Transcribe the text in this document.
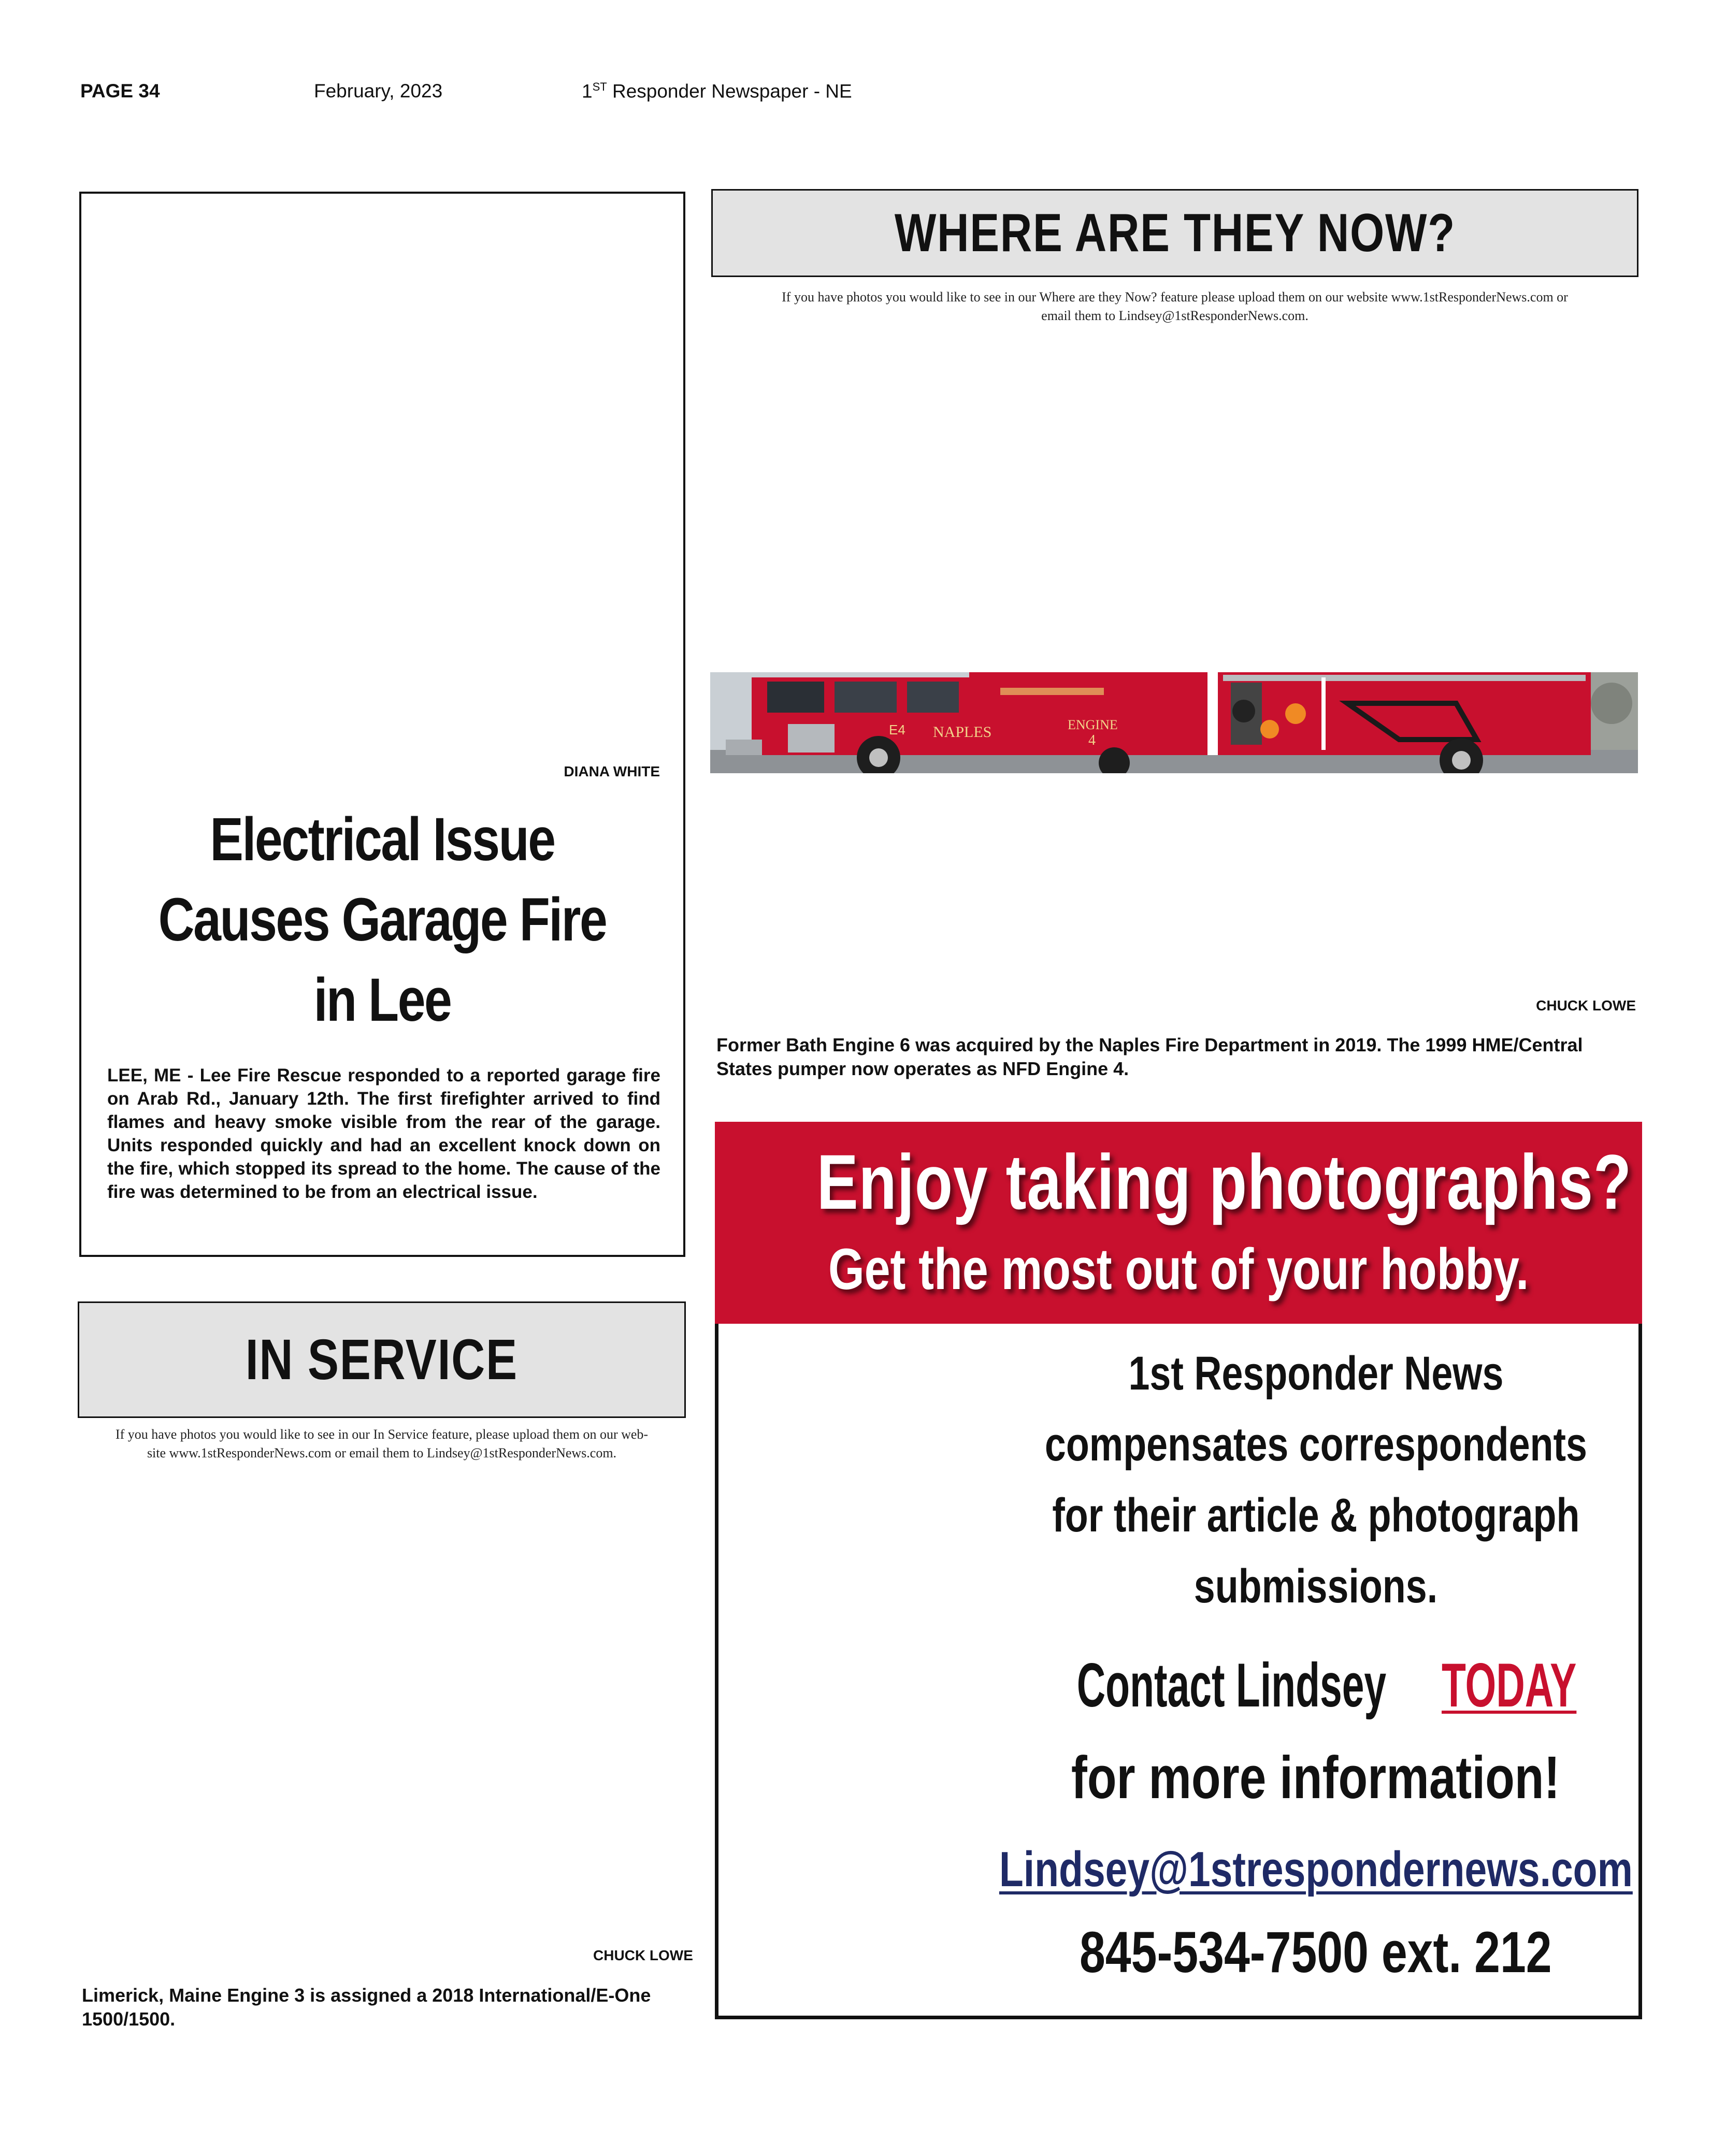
PAGE 34	February, 2023	1ST Responder Newspaper - NE
DIANA WHITE
Electrical Issue
Causes Garage Fire
in Lee
LEE, ME - Lee Fire Rescue responded to a reported garage fire on Arab Rd., January 12th. The first firefighter arrived to find flames and heavy smoke visible from the rear of the garage. Units responded quickly and had an excellent knock down on the fire, which stopped its spread to the home. The cause of the fire was determined to be from an electrical issue.
WHERE ARE THEY NOW?
If you have photos you would like to see in our Where are they Now? feature please upload them on our website www.1stResponderNews.com or
email them to Lindsey@1stResponderNews.com.
E4 NAPLES	ENGINE
4
CHUCK LOWE
Former Bath Engine 6 was acquired by the Naples Fire Department in 2019. The 1999 HME/Central States pumper now operates as NFD Engine 4.
IN SERVICE
If you have photos you would like to see in our In Service feature, please upload them on our web-
site www.1stResponderNews.com or email them to Lindsey@1stResponderNews.com.
CHUCK LOWE
Limerick, Maine Engine 3 is assigned a 2018 International/E-One 1500/1500.
Enjoy taking photographs?
Get the most out of your hobby.
1st Responder News
compensates correspondents
for their article & photograph
submissions.
Contact LindseyTODAY
for more information!
Lindsey@1strespondernews.com
845-534-7500 ext. 212
